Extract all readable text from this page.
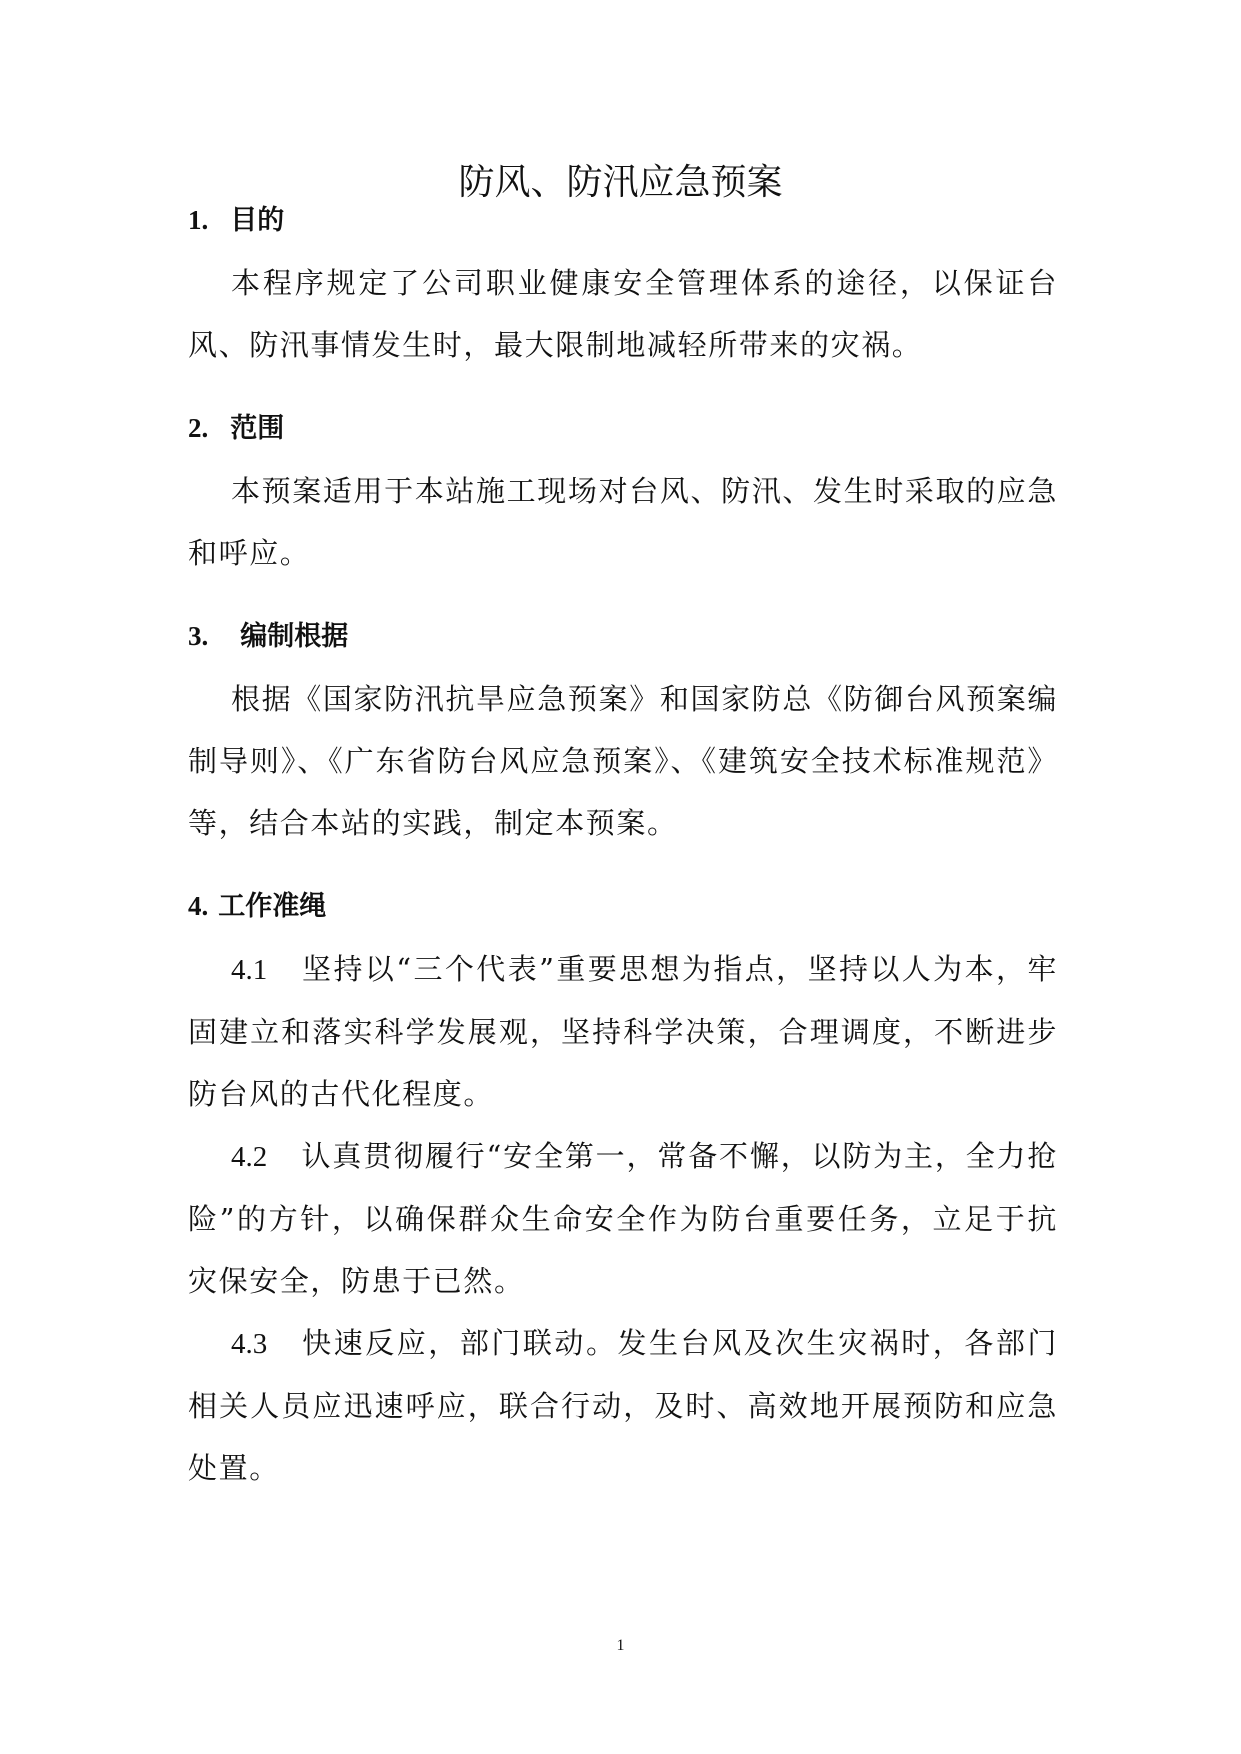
防风、防汛应急预案
1. 目的

本程序规定了公司职业健康安全管理体系的途径，以保证台风、防汛事情发生时，最大限制地减轻所带来的灾祸。

2. 范围

本预案适用于本站施工现场对台风、防汛、发生时采取的应急和呼应。

3. 编制根据

根据《国家防汛抗旱应急预案》和国家防总《防御台风预案编制导则》、《广东省防台风应急预案》、《建筑安全技术标准规范》等，结合本站的实践，制定本预案。

4. 工作准绳

4.1 坚持以“三个代表”重要思想为指点，坚持以人为本，牢固建立和落实科学发展观，坚持科学决策，合理调度，不断进步防台风的古代化程度。

4.2 认真贯彻履行“安全第一，常备不懈，以防为主，全力抢险”的方针，以确保群众生命安全作为防台重要任务，立足于抗灾保安全，防患于已然。

4.3 快速反应，部门联动。发生台风及次生灾祸时，各部门相关人员应迅速呼应，联合行动，及时、高效地开展预防和应急处置。

1
